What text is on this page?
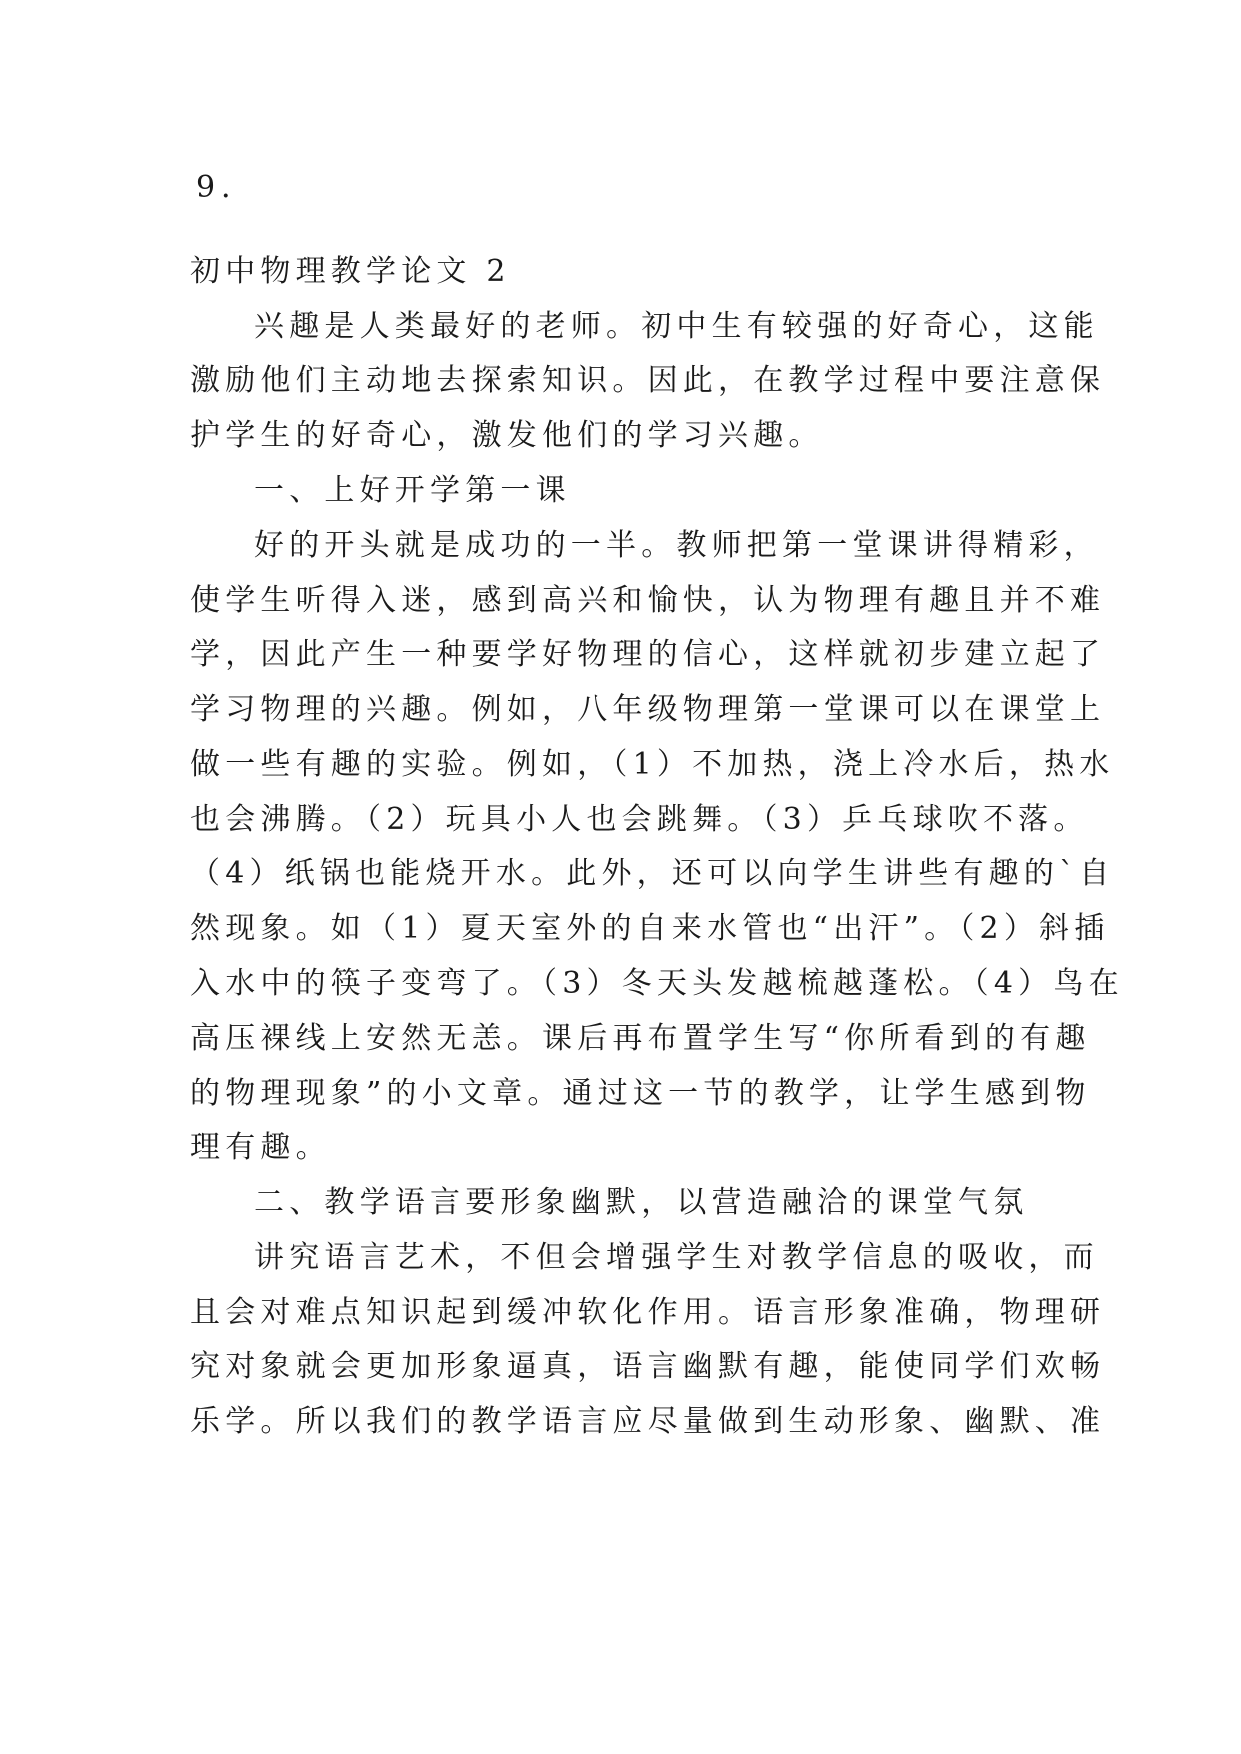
9．
初中物理教学论文 2
兴趣是人类最好的老师。初中生有较强的好奇心，这能
激励他们主动地去探索知识。因此，在教学过程中要注意保
护学生的好奇心，激发他们的学习兴趣。
一、上好开学第一课
好的开头就是成功的一半。教师把第一堂课讲得精彩，
使学生听得入迷，感到高兴和愉快，认为物理有趣且并不难
学，因此产生一种要学好物理的信心，这样就初步建立起了
学习物理的兴趣。例如，八年级物理第一堂课可以在课堂上
做一些有趣的实验。例如，（1）不加热，浇上冷水后，热水
也会沸腾。（2）玩具小人也会跳舞。（3）乒乓球吹不落。
（4）纸锅也能烧开水。此外，还可以向学生讲些有趣的`自
然现象。如（1）夏天室外的自来水管也“出汗”。（2）斜插
入水中的筷子变弯了。（3）冬天头发越梳越蓬松。（4）鸟在
高压裸线上安然无恙。课后再布置学生写“你所看到的有趣
的物理现象”的小文章。通过这一节的教学，让学生感到物
理有趣。
二、教学语言要形象幽默，以营造融洽的课堂气氛
讲究语言艺术，不但会增强学生对教学信息的吸收，而
且会对难点知识起到缓冲软化作用。语言形象准确，物理研
究对象就会更加形象逼真，语言幽默有趣，能使同学们欢畅
乐学。所以我们的教学语言应尽量做到生动形象、幽默、准
